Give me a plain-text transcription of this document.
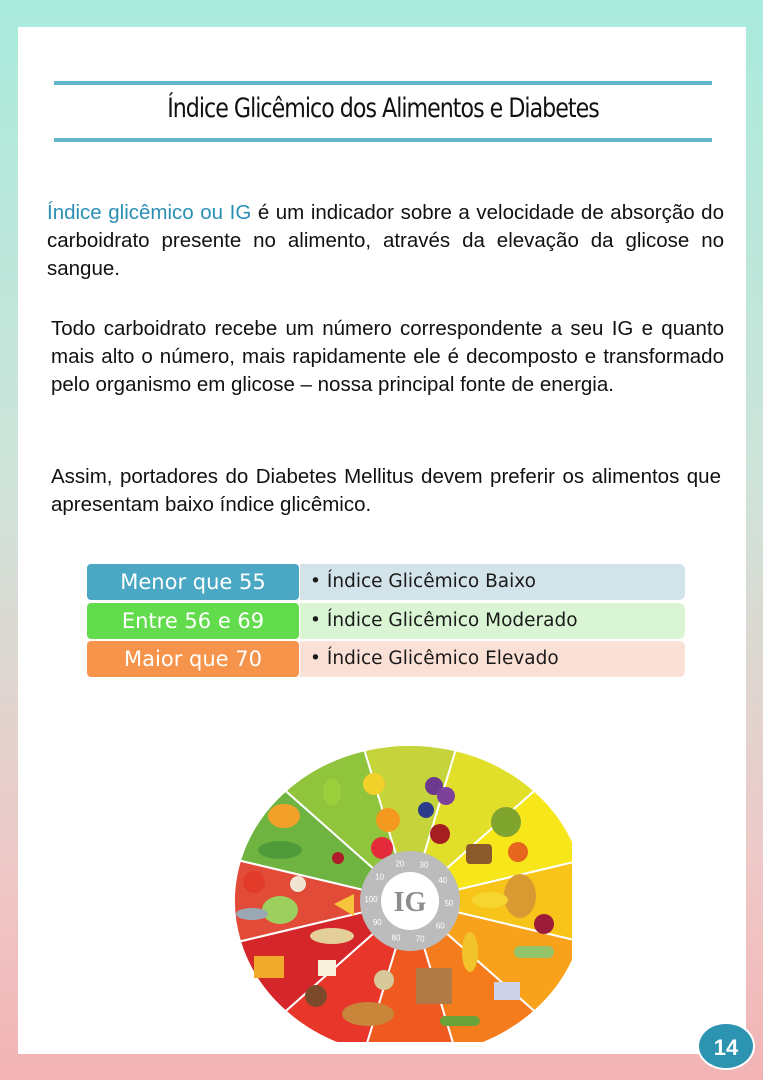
Índice Glicêmico dos Alimentos e Diabetes
Índice glicêmico ou IG é um indicador sobre a velocidade de absorção do carboidrato presente no alimento, através da elevação da glicose no sangue.
Todo carboidrato recebe um número correspondente a seu IG e quanto mais alto o número, mais rapidamente ele é decomposto e transformado pelo organismo em glicose – nossa principal fonte de energia.
Assim, portadores do Diabetes Mellitus devem preferir os alimentos que apresentam baixo índice glicêmico.
Menor que 55	• Índice Glicêmico Baixo
Entre 56 e 69	• Índice Glicêmico Moderado
Maior que 70	• Índice Glicêmico Elevado
20 30
40
50
60
70
80
90
100
10
IG
14
